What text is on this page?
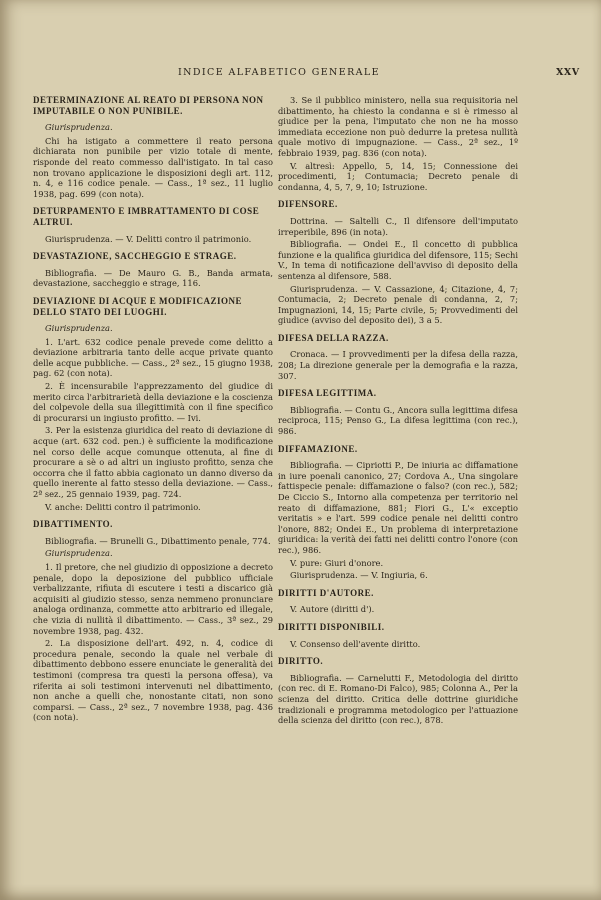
INDICE ALFABETICO GENERALE	XXV
DETERMINAZIONE AL REATO DI PERSONA NON IMPUTABILE O NON PUNIBILE.
Giurisprudenza.
Chi ha istigato a commettere il reato persona dichiarata non punibile per vizio totale di mente, risponde del reato commesso dall'istigato. In tal caso non trovano applicazione le disposizioni degli art. 112, n. 4, e 116 codice penale. — Cass., 1ª sez., 11 luglio 1938, pag. 699 (con nota).
DETURPAMENTO E IMBRATTAMENTO DI COSE ALTRUI.
Giurisprudenza. — V. Delitti contro il patrimonio.
DEVASTAZIONE, SACCHEGGIO E STRAGE.
Bibliografia. — De Mauro G. B., Banda armata, devastazione, saccheggio e strage, 116.
DEVIAZIONE DI ACQUE E MODIFICAZIONE DELLO STATO DEI LUOGHI.
Giurisprudenza.
1. L'art. 632 codice penale prevede come delitto a deviazione arbitraria tanto delle acque private quanto delle acque pubbliche. — Cass., 2ª sez., 15 giugno 1938, pag. 62 (con nota).
2. È incensurabile l'apprezzamento del giudice di merito circa l'arbitrarietà della deviazione e la coscienza del colpevole della sua illegittimità con il fine specifico di procurarsi un ingiusto profitto. — Ivi.
3. Per la esistenza giuridica del reato di deviazione di acque (art. 632 cod. pen.) è sufficiente la modificazione nel corso delle acque comunque ottenuta, al fine di procurare a sè o ad altri un ingiusto profitto, senza che occorra che il fatto abbia cagionato un danno diverso da quello inerente al fatto stesso della deviazione. — Cass., 2ª sez., 25 gennaio 1939, pag. 724.
V. anche: Delitti contro il patrimonio.
DIBATTIMENTO.
Bibliografia. — Brunelli G., Dibattimento penale, 774.
Giurisprudenza.
1. Il pretore, che nel giudizio di opposizione a decreto penale, dopo la deposizione del pubblico ufficiale verbalizzante, rifiuta di escutere i testi a discarico già acquisiti al giudizio stesso, senza nemmeno pronunciare analoga ordinanza, commette atto arbitrario ed illegale, che vizia di nullità il dibattimento. — Cass., 3ª sez., 29 novembre 1938, pag. 432.
2. La disposizione dell'art. 492, n. 4, codice di procedura penale, secondo la quale nel verbale di dibattimento debbono essere enunciate le generalità dei testimoni (compresa tra questi la persona offesa), va riferita ai soli testimoni intervenuti nel dibattimento, non anche a quelli che, nonostante citati, non sono comparsi. — Cass., 2ª sez., 7 novembre 1938, pag. 436 (con nota).
3. Se il pubblico ministero, nella sua requisitoria nel dibattimento, ha chiesto la condanna e si è rimesso al giudice per la pena, l'imputato che non ne ha mosso immediata eccezione non può dedurre la pretesa nullità quale motivo di impugnazione. — Cass., 2ª sez., 1º febbraio 1939, pag. 836 (con nota).
V. altresì: Appello, 5, 14, 15; Connessione dei procedimenti, 1; Contumacia; Decreto penale di condanna, 4, 5, 7, 9, 10; Istruzione.
DIFENSORE.
Dottrina. — Saltelli C., Il difensore dell'imputato irreperibile, 896 (in nota).
Bibliografia. — Ondei E., Il concetto di pubblica funzione e la qualifica giuridica del difensore, 115; Sechi V., In tema di notificazione dell'avviso di deposito della sentenza al difensore, 588.
Giurisprudenza. — V. Cassazione, 4; Citazione, 4, 7; Contumacia, 2; Decreto penale di condanna, 2, 7; Impugnazioni, 14, 15; Parte civile, 5; Provvedimenti del giudice (avviso del deposito dei), 3 a 5.
DIFESA DELLA RAZZA.
Cronaca. — I provvedimenti per la difesa della razza, 208; La direzione generale per la demografia e la razza, 307.
DIFESA LEGITTIMA.
Bibliografia. — Contu G., Ancora sulla legittima difesa reciproca, 115; Penso G., La difesa legittima (con rec.), 986.
DIFFAMAZIONE.
Bibliografia. — Cipriotti P., De iniuria ac diffamatione in iure poenali canonico, 27; Cordova A., Una singolare fattispecie penale: diffamazione o falso? (con rec.), 582; De Ciccio S., Intorno alla competenza per territorio nel reato di diffamazione, 881; Fiori G., L'« exceptio veritatis » e l'art. 599 codice penale nei delitti contro l'onore, 882; Ondei E., Un problema di interpretazione giuridica: la verità dei fatti nei delitti contro l'onore (con rec.), 986.
V. pure: Giuri d'onore.
Giurisprudenza. — V. Ingiuria, 6.
DIRITTI D'AUTORE.
V. Autore (diritti d').
DIRITTI DISPONIBILI.
V. Consenso dell'avente diritto.
DIRITTO.
Bibliografia. — Carnelutti F., Metodologia del diritto (con rec. di E. Romano-Di Falco), 985; Colonna A., Per la scienza del diritto. Critica delle dottrine giuridiche tradizionali e programma metodologico per l'attuazione della scienza del diritto (con rec.), 878.
